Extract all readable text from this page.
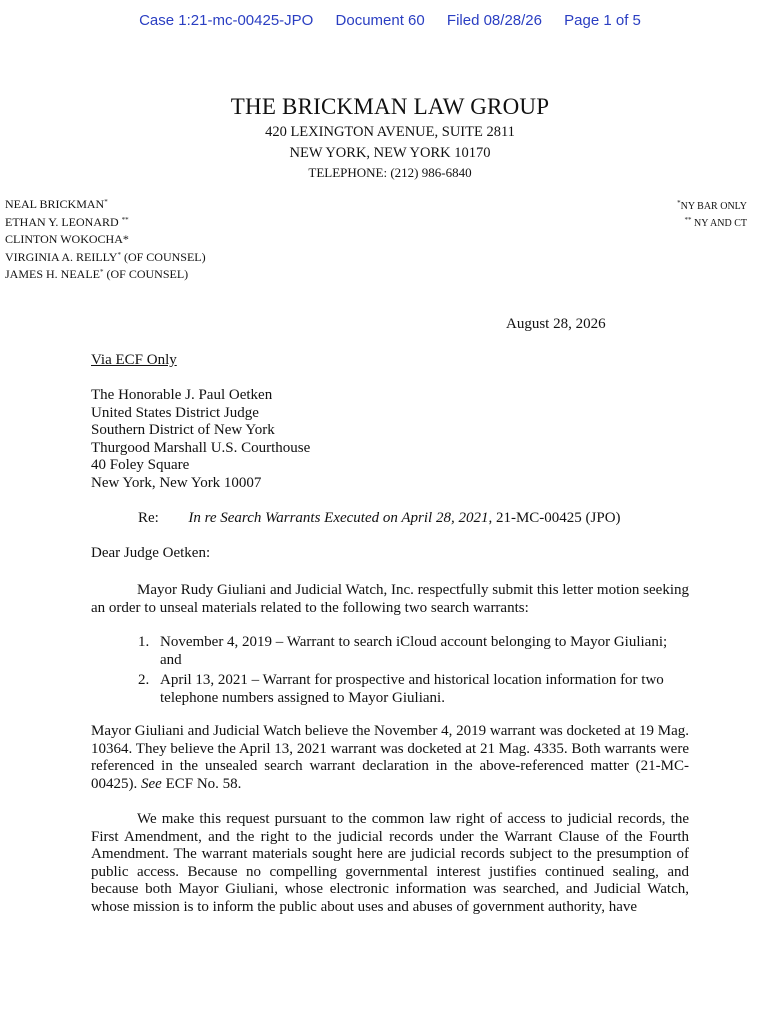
Case 1:21-mc-00425-JPO Document 60 Filed 08/28/26 Page 1 of 5
THE BRICKMAN LAW GROUP
420 LEXINGTON AVENUE, SUITE 2811
NEW YORK, NEW YORK 10170
TELEPHONE: (212) 986-6840
NEAL BRICKMAN*
ETHAN Y. LEONARD **
CLINTON WOKOCHA*
VIRGINIA A. REILLY* (OF COUNSEL)
JAMES H. NEALE* (OF COUNSEL)
*NY BAR ONLY
** NY AND CT
August 28, 2026
Via ECF Only
The Honorable J. Paul Oetken
United States District Judge
Southern District of New York
Thurgood Marshall U.S. Courthouse
40 Foley Square
New York, New York 10007
Re: In re Search Warrants Executed on April 28, 2021, 21-MC-00425 (JPO)
Dear Judge Oetken:
Mayor Rudy Giuliani and Judicial Watch, Inc. respectfully submit this letter motion seeking an order to unseal materials related to the following two search warrants:
1. November 4, 2019 – Warrant to search iCloud account belonging to Mayor Giuliani; and
2. April 13, 2021 – Warrant for prospective and historical location information for two telephone numbers assigned to Mayor Giuliani.
Mayor Giuliani and Judicial Watch believe the November 4, 2019 warrant was docketed at 19 Mag. 10364. They believe the April 13, 2021 warrant was docketed at 21 Mag. 4335. Both warrants were referenced in the unsealed search warrant declaration in the above-referenced matter (21-MC-00425). See ECF No. 58.
We make this request pursuant to the common law right of access to judicial records, the First Amendment, and the right to the judicial records under the Warrant Clause of the Fourth Amendment. The warrant materials sought here are judicial records subject to the presumption of public access. Because no compelling governmental interest justifies continued sealing, and because both Mayor Giuliani, whose electronic information was searched, and Judicial Watch, whose mission is to inform the public about uses and abuses of government authority, have
